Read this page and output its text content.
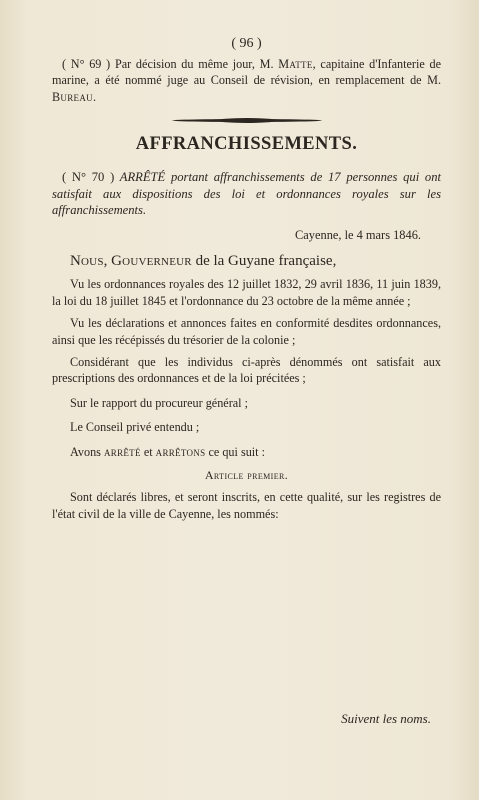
( 96 )

( N° 69 ) Par décision du même jour, M. Matte, capitaine d'Infanterie de marine, a été nommé juge au Conseil de révision, en remplacement de M. Bureau.

AFFRANCHISSEMENTS.

( N° 70 ) ARRÊTÉ portant affranchissements de 17 personnes qui ont satisfait aux dispositions des loi et ordonnances royales sur les affranchissements.

Cayenne, le 4 mars 1846.

Nous, Gouverneur de la Guyane française,

Vu les ordonnances royales des 12 juillet 1832, 29 avril 1836, 11 juin 1839, la loi du 18 juillet 1845 et l'ordonnance du 23 octobre de la même année ;

Vu les déclarations et annonces faites en conformité desdites ordonnances, ainsi que les récépissés du trésorier de la colonie ;

Considérant que les individus ci-après dénommés ont satisfait aux prescriptions des ordonnances et de la loi précitées ;

Sur le rapport du procureur général ;

Le Conseil privé entendu ;

Avons arrêté et arrêtons ce qui suit :

Article premier.

Sont déclarés libres, et seront inscrits, en cette qualité, sur les registres de l'état civil de la ville de Cayenne, les nommés:

Suivent les noms.
